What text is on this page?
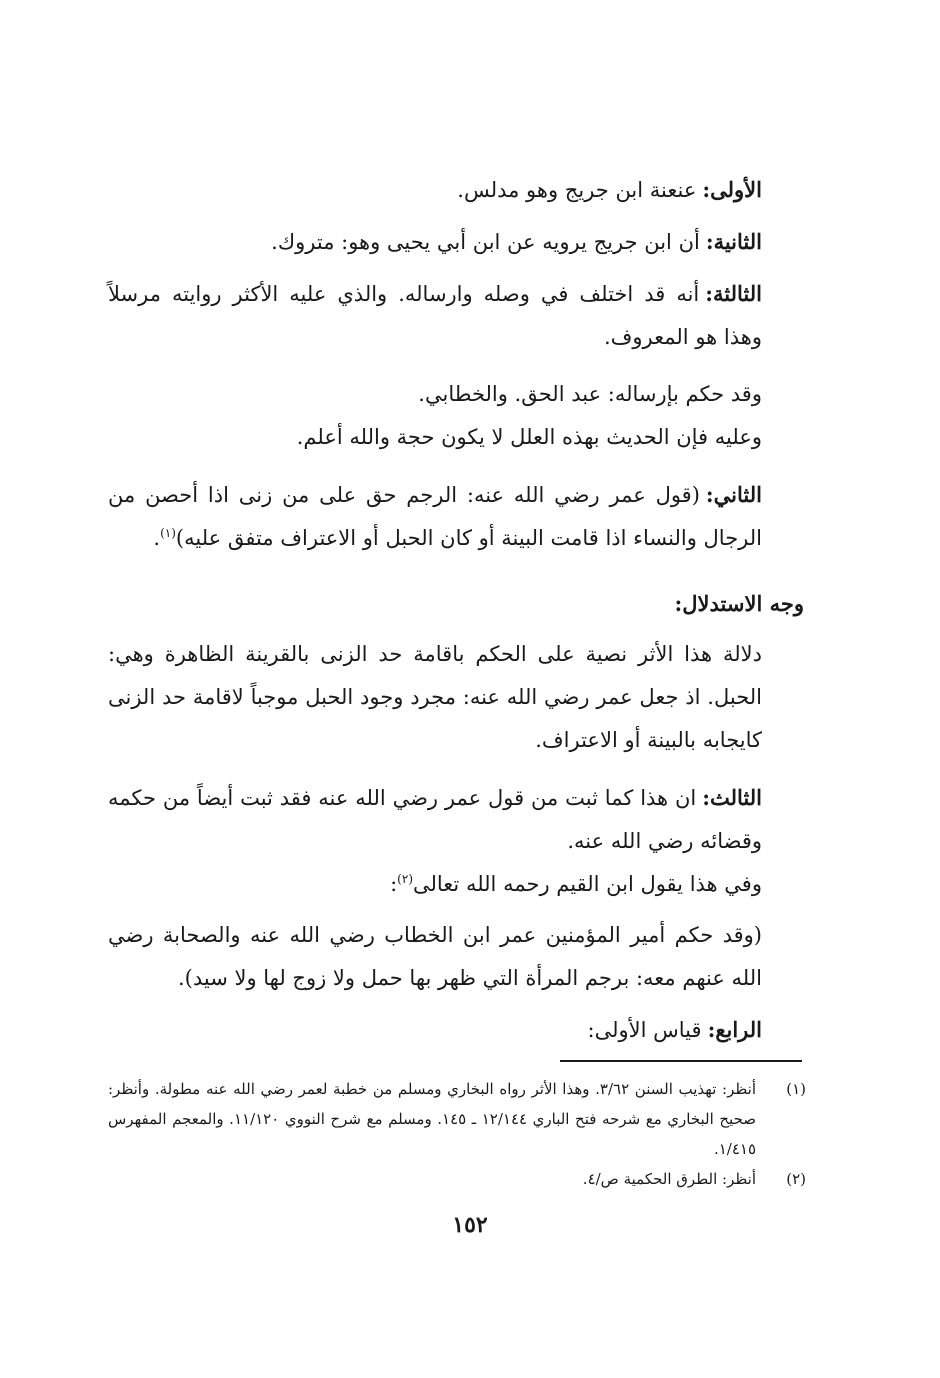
الأولى:عنعنة ابن جريج وهو مدلس.

الثانية:أن ابن جريج يرويه عن ابن أبي يحيى وهو: متروك.

الثالثة:أنه قد اختلف في وصله وارساله. والذي عليه الأكثر روايته مرسلاً وهذا هو المعروف.

وقد حكم بإرساله: عبد الحق. والخطابي.

وعليه فإن الحديث بهذه العلل لا يكون حجة والله أعلم.

الثاني:(قول عمر رضي الله عنه: الرجم حق على من زنى اذا أحصن من الرجال والنساء اذا قامت البينة أو كان الحبل أو الاعتراف متفق عليه)$^{(١)}$.

وجه الاستدلال:

دلالة هذا الأثر نصية على الحكم باقامة حد الزنى بالقرينة الظاهرة وهي: الحبل. اذ جعل عمر رضي الله عنه: مجرد وجود الحبل موجباً لاقامة حد الزنى كايجابه بالبينة أو الاعتراف.

الثالث:ان هذا كما ثبت من قول عمر رضي الله عنه فقد ثبت أيضاً من حكمه وقضائه رضي الله عنه.

وفي هذا يقول ابن القيم رحمه الله تعالى$^{(٢)}$:

(وقد حكم أمير المؤمنين عمر ابن الخطاب رضي الله عنه والصحابة رضي الله عنهم معه: برجم المرأة التي ظهر بها حمل ولا زوج لها ولا سيد).

الرابع:قياس الأولى:

(١)
أنظر: تهذيب السنن ٣/٦٢. وهذا الأثر رواه البخاري ومسلم من خطبة لعمر رضي الله عنه مطولة. وأنظر: صحيح البخاري مع شرحه فتح الباري ١٢/١٤٤ ـ ١٤٥. ومسلم مع شرح النووي ١١/١٢٠. والمعجم المفهرس ١/٤١٥.
(٢)
أنظر: الطرق الحكمية ص/٤.
١٥٢
